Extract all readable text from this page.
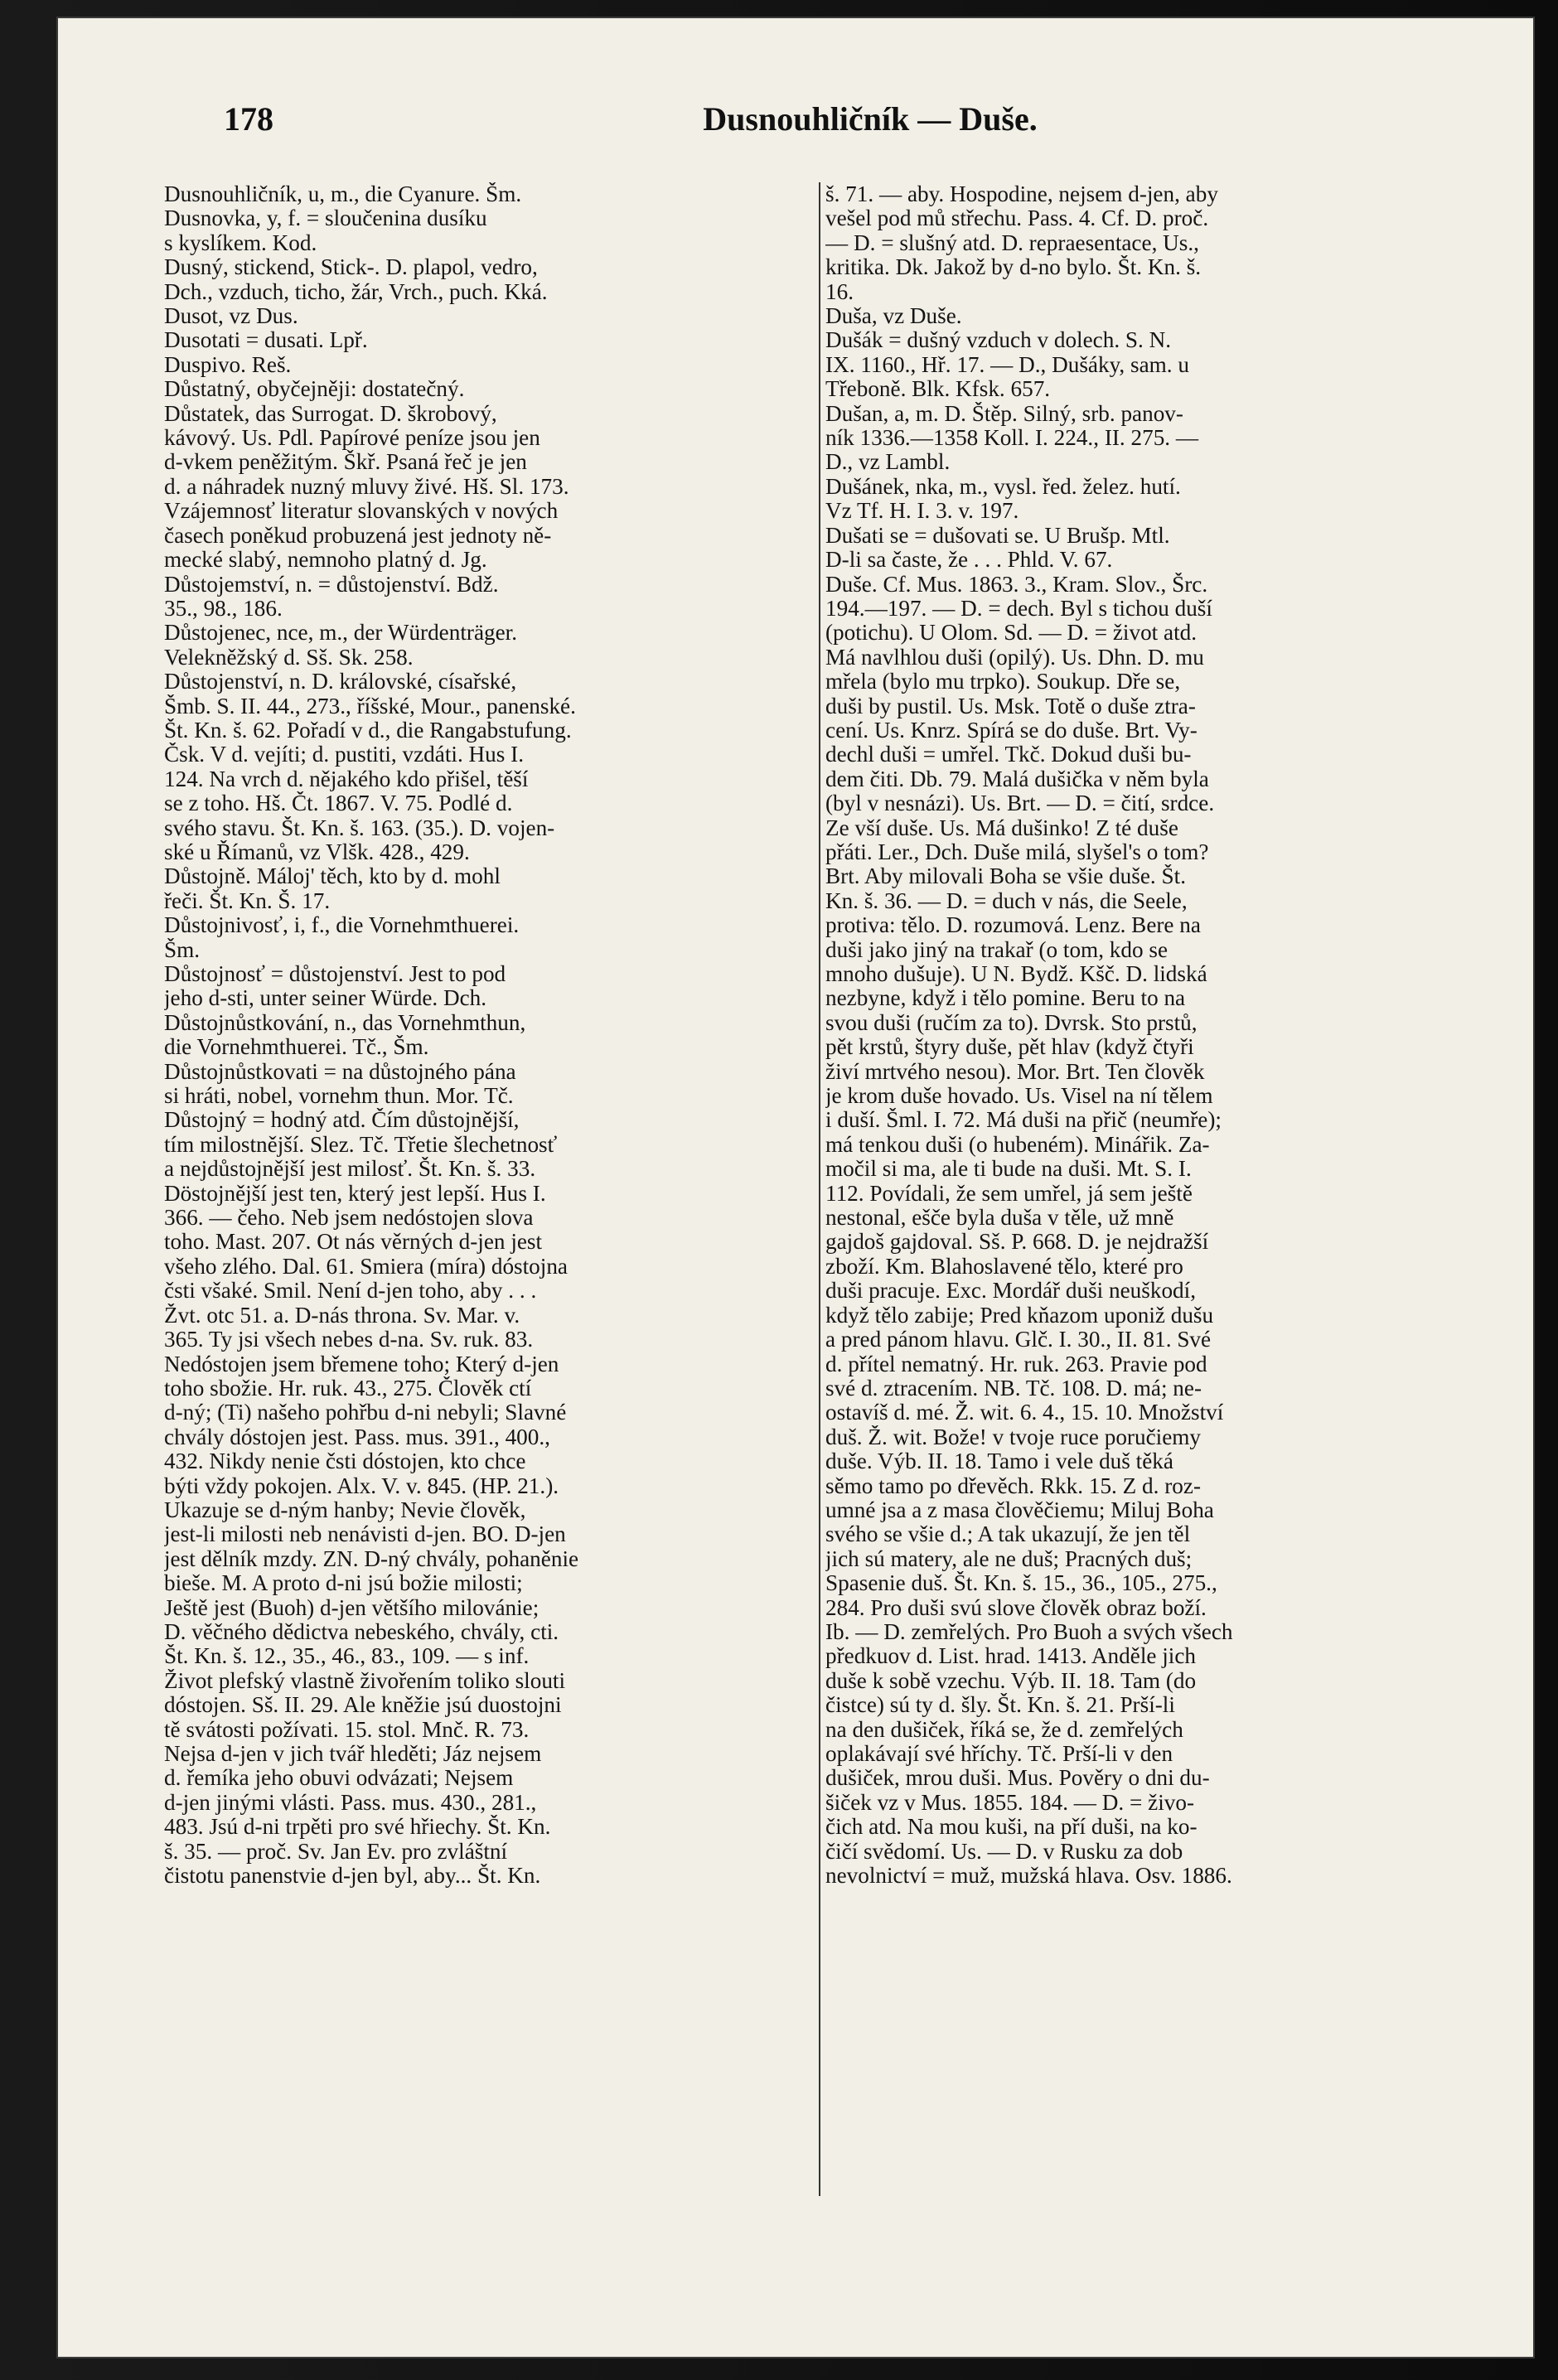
178	Dusnouhličník — Duše.
Dusnouhličník, u, m., die Cyanure. Šm.
Dusnovka, y, f. = sloučenina dusíku
s kyslíkem. Kod.
Dusný, stickend, Stick-. D. plapol, vedro,
Dch., vzduch, ticho, žár, Vrch., puch. Kká.
Dusot, vz Dus.
Dusotati = dusati. Lpř.
Duspivo. Reš.
Důstatný, obyčejněji: dostatečný.
Důstatek, das Surrogat. D. škrobový,
kávový. Us. Pdl. Papírové peníze jsou jen
d-vkem peněžitým. Škř. Psaná řeč je jen
d. a náhradek nuzný mluvy živé. Hš. Sl. 173.
Vzájemnosť literatur slovanských v nových
časech poněkud probuzená jest jednoty ně-
mecké slabý, nemnoho platný d. Jg.
Důstojemství, n. = důstojenství. Bdž.
35., 98., 186.
Důstojenec, nce, m., der Würdenträger.
Velekněžský d. Sš. Sk. 258.
Důstojenství, n. D. královské, císařské,
Šmb. S. II. 44., 273., říšské, Mour., panenské.
Št. Kn. š. 62. Pořadí v d., die Rangabstufung.
Čsk. V d. vejíti; d. pustiti, vzdáti. Hus I.
124. Na vrch d. nějakého kdo přišel, těší
se z toho. Hš. Čt. 1867. V. 75. Podlé d.
svého stavu. Št. Kn. š. 163. (35.). D. vojen-
ské u Římanů, vz Vlšk. 428., 429.
Důstojně. Máloj' těch, kto by d. mohl
řeči. Št. Kn. Š. 17.
Důstojnivosť, i, f., die Vornehmthuerei.
Šm.
Důstojnosť = důstojenství. Jest to pod
jeho d-sti, unter seiner Würde. Dch.
Důstojnůstkování, n., das Vornehmthun,
die Vornehmthuerei. Tč., Šm.
Důstojnůstkovati = na důstojného pána
si hráti, nobel, vornehm thun. Mor. Tč.
Důstojný = hodný atd. Čím důstojnější,
tím milostnější. Slez. Tč. Třetie šlechetnosť
a nejdůstojnější jest milosť. Št. Kn. š. 33.
Döstojnější jest ten, který jest lepší. Hus I.
366. — čeho. Neb jsem nedóstojen slova
toho. Mast. 207. Ot nás věrných d-jen jest
všeho zlého. Dal. 61. Smiera (míra) dóstojna
čsti všaké. Smil. Není d-jen toho, aby . . .
Žvt. otc 51. a. D-nás throna. Sv. Mar. v.
365. Ty jsi všech nebes d-na. Sv. ruk. 83.
Nedóstojen jsem břemene toho; Který d-jen
toho sbožie. Hr. ruk. 43., 275. Člověk ctí
d-ný; (Ti) našeho pohřbu d-ni nebyli; Slavné
chvály dóstojen jest. Pass. mus. 391., 400.,
432. Nikdy nenie čsti dóstojen, kto chce
býti vždy pokojen. Alx. V. v. 845. (HP. 21.).
Ukazuje se d-ným hanby; Nevie člověk,
jest-li milosti neb nenávisti d-jen. BO. D-jen
jest dělník mzdy. ZN. D-ný chvály, pohaněnie
bieše. M. A proto d-ni jsú božie milosti;
Ještě jest (Buoh) d-jen většího milovánie;
D. věčného dědictva nebeského, chvály, cti.
Št. Kn. š. 12., 35., 46., 83., 109. — s inf.
Život plefský vlastně živořením toliko slouti
dóstojen. Sš. II. 29. Ale kněžie jsú duostojni
tě svátosti požívati. 15. stol. Mnč. R. 73.
Nejsa d-jen v jich tvář hleděti; Jáz nejsem
d. řemíka jeho obuvi odvázati; Nejsem
d-jen jinými vlásti. Pass. mus. 430., 281.,
483. Jsú d-ni trpěti pro své hřiechy. Št. Kn.
š. 35. — proč. Sv. Jan Ev. pro zvláštní
čistotu panenstvie d-jen byl, aby... Št. Kn.
š. 71. — aby. Hospodine, nejsem d-jen, aby
vešel pod mů střechu. Pass. 4. Cf. D. proč.
— D. = slušný atd. D. repraesentace, Us.,
kritika. Dk. Jakož by d-no bylo. Št. Kn. š.
16.
Duša, vz Duše.
Dušák = dušný vzduch v dolech. S. N.
IX. 1160., Hř. 17. — D., Dušáky, sam. u
Třeboně. Blk. Kfsk. 657.
Dušan, a, m. D. Štěp. Silný, srb. panov-
ník 1336.—1358 Koll. I. 224., II. 275. —
D., vz Lambl.
Dušánek, nka, m., vysl. řed. želez. hutí.
Vz Tf. H. I. 3. v. 197.
Dušati se = dušovati se. U Brušp. Mtl.
D-li sa časte, že . . . Phld. V. 67.
Duše. Cf. Mus. 1863. 3., Kram. Slov., Šrc.
194.—197. — D. = dech. Byl s tichou duší
(potichu). U Olom. Sd. — D. = život atd.
Má navlhlou duši (opilý). Us. Dhn. D. mu
mřela (bylo mu trpko). Soukup. Dře se,
duši by pustil. Us. Msk. Totě o duše ztra-
cení. Us. Knrz. Spírá se do duše. Brt. Vy-
dechl duši = umřel. Tkč. Dokud duši bu-
dem čiti. Db. 79. Malá dušička v něm byla
(byl v nesnázi). Us. Brt. — D. = čití, srdce.
Ze vší duše. Us. Má dušinko! Z té duše
přáti. Ler., Dch. Duše milá, slyšel's o tom?
Brt. Aby milovali Boha se všie duše. Št.
Kn. š. 36. — D. = duch v nás, die Seele,
protiva: tělo. D. rozumová. Lenz. Bere na
duši jako jiný na trakař (o tom, kdo se
mnoho dušuje). U N. Bydž. Kšč. D. lidská
nezbyne, když i tělo pomine. Beru to na
svou duši (ručím za to). Dvrsk. Sto prstů,
pět krstů, štyry duše, pět hlav (když čtyři
živí mrtvého nesou). Mor. Brt. Ten člověk
je krom duše hovado. Us. Visel na ní tělem
i duší. Šml. I. 72. Má duši na přič (neumře);
má tenkou duši (o hubeném). Minářik. Za-
močil si ma, ale ti bude na duši. Mt. S. I.
112. Povídali, že sem umřel, já sem ještě
nestonal, ešče byla duša v těle, už mně
gajdoš gajdoval. Sš. P. 668. D. je nejdražší
zboží. Km. Blahoslavené tělo, které pro
duši pracuje. Exc. Mordář duši neuškodí,
když tělo zabije; Pred kňazom uponiž dušu
a pred pánom hlavu. Glč. I. 30., II. 81. Své
d. přítel nematný. Hr. ruk. 263. Pravie pod
své d. ztracením. NB. Tč. 108. D. má; ne-
ostavíš d. mé. Ž. wit. 6. 4., 15. 10. Množství
duš. Ž. wit. Bože! v tvoje ruce poručiemy
duše. Výb. II. 18. Tamo i vele duš těká
sěmo tamo po dřevěch. Rkk. 15. Z d. roz-
umné jsa a z masa člověčiemu; Miluj Boha
svého se všie d.; A tak ukazují, že jen těl
jich sú matery, ale ne duš; Pracných duš;
Spasenie duš. Št. Kn. š. 15., 36., 105., 275.,
284. Pro duši svú slove člověk obraz boží.
Ib. — D. zemřelých. Pro Buoh a svých všech
předkuov d. List. hrad. 1413. Anděle jich
duše k sobě vzechu. Výb. II. 18. Tam (do
čistce) sú ty d. šly. Št. Kn. š. 21. Prší-li
na den dušiček, říká se, že d. zemřelých
oplakávají své hříchy. Tč. Prší-li v den
dušiček, mrou duši. Mus. Pověry o dni du-
šiček vz v Mus. 1855. 184. — D. = živo-
čich atd. Na mou kuši, na pří duši, na ko-
čičí svědomí. Us. — D. v Rusku za dob
nevolnictví = muž, mužská hlava. Osv. 1886.
